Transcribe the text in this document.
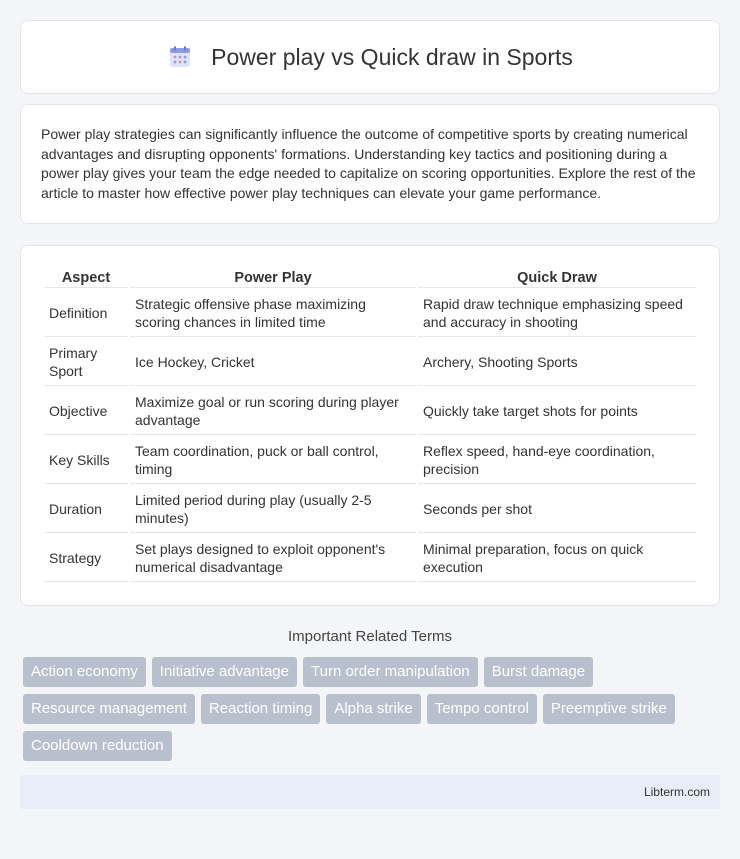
Power play vs Quick draw in Sports

Power play strategies can significantly influence the outcome of competitive sports by creating numerical advantages and disrupting opponents' formations. Understanding key tactics and positioning during a power play gives your team the edge needed to capitalize on scoring opportunities. Explore the rest of the article to master how effective power play techniques can elevate your game performance.

Aspect	Power Play	Quick Draw
Definition	Strategic offensive phase maximizing scoring chances in limited time	Rapid draw technique emphasizing speed and accuracy in shooting
Primary Sport	Ice Hockey, Cricket	Archery, Shooting Sports
Objective	Maximize goal or run scoring during player advantage	Quickly take target shots for points
Key Skills	Team coordination, puck or ball control, timing	Reflex speed, hand-eye coordination, precision
Duration	Limited period during play (usually 2-5 minutes)	Seconds per shot
Strategy	Set plays designed to exploit opponent's numerical disadvantage	Minimal preparation, focus on quick execution
Important Related Terms
Action economy	Initiative advantage	Turn order manipulation	Burst damage
Resource management	Reaction timing	Alpha strike	Tempo control	Preemptive strike
Cooldown reduction
Libterm.com
